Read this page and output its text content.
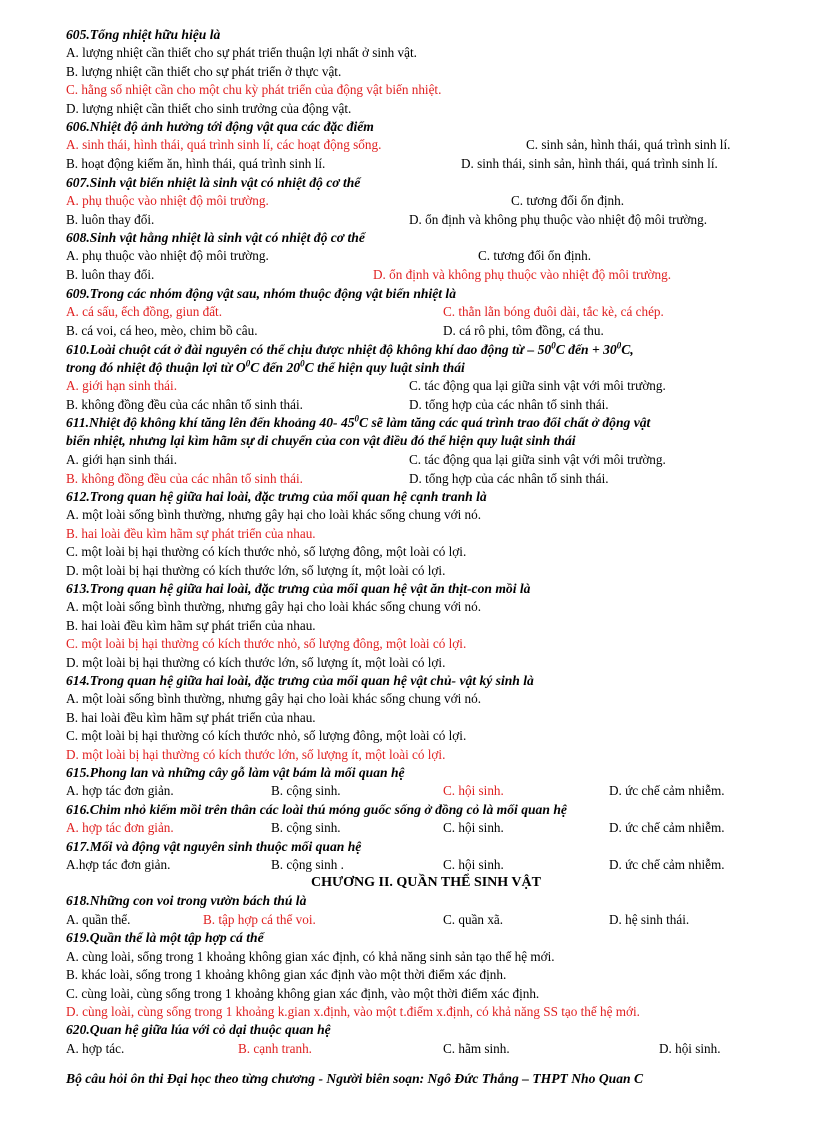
605.Tổng nhiệt hữu hiệu là
A. lượng nhiệt cần thiết cho sự phát triển thuận lợi nhất ở sinh vật.
B. lượng nhiệt cần thiết cho sự phát triển ở thực vật.
C. hằng số nhiệt cần cho một chu kỳ phát triển của động vật biến nhiệt.
D. lượng nhiệt cần thiết cho sinh trưởng của động vật.
606.Nhiệt độ ảnh hưởng tới động vật qua các đặc điểm
A. sinh thái, hình thái, quá trình sinh lí, các hoạt động sống.	C. sinh sản, hình thái, quá trình sinh lí.
B. hoạt động kiếm ăn, hình thái, quá trình sinh lí.	D. sinh thái, sinh sản, hình thái, quá trình sinh lí.
607.Sinh vật biến nhiệt là sinh vật có nhiệt độ cơ thể
A. phụ thuộc vào nhiệt độ môi trường.	C. tương đối ổn định.
B. luôn thay đổi.	D. ổn định và không phụ thuộc vào nhiệt độ môi trường.
608.Sinh vật hằng nhiệt là sinh vật có nhiệt độ cơ thể
A. phụ thuộc vào nhiệt độ môi trường.	C. tương đối ổn định.
B. luôn thay đổi.	D. ổn định và không phụ thuộc vào nhiệt độ môi trường.
609.Trong các nhóm động vật sau, nhóm thuộc động vật biến nhiệt là
A. cá sấu, ếch đồng, giun đất.	C. thằn lằn bóng đuôi dài, tắc kè, cá chép.
B. cá voi, cá heo, mèo, chim bồ câu.	D. cá rô phi, tôm đồng, cá thu.
610.Loài chuột cát ở đài nguyên có thể chịu được nhiệt độ không khí dao động từ – $50^0C$ đến + $30^0C$,
trong đó nhiệt độ thuận lợi từ $O^0C$ đến $20^0C$ thể hiện quy luật sinh thái
A. giới hạn sinh thái.	C. tác động qua lại giữa sinh vật với môi trường.
B. không đồng đều của các nhân tố sinh thái.	D. tổng hợp của các nhân tố sinh thái.
611.Nhiệt độ không khí tăng lên đến khoảng 40- $45^0C$ sẽ làm tăng các quá trình trao đổi chất ở động vật
biến nhiệt, nhưng lại kìm hãm sự di chuyển của con vật điều đó thể hiện quy luật sinh thái
A. giới hạn sinh thái.	C. tác động qua lại giữa sinh vật với môi trường.
B. không đồng đều của các nhân tố sinh thái.	D. tổng hợp của các nhân tố sinh thái.
612.Trong quan hệ giữa hai loài, đặc trưng của mối quan hệ cạnh tranh là
A. một loài sống bình thường, nhưng gây hại cho loài khác sống chung với nó.
B. hai loài đều kìm hãm sự phát triển của nhau.
C. một loài bị hại thường có kích thước nhỏ, số lượng đông, một loài có lợi.
D. một loài bị hại thường có kích thước lớn, số lượng ít, một loài có lợi.
613.Trong quan hệ giữa hai loài, đặc trưng của mối quan hệ vật ăn thịt-con mồi là
A. một loài sống bình thường, nhưng gây hại cho loài khác sống chung với nó.
B. hai loài đều kìm hãm sự phát triển của nhau.
C. một loài bị hại thường có kích thước nhỏ, số lượng đông, một loài có lợi.
D. một loài bị hại thường có kích thước lớn, số lượng ít, một loài có lợi.
614.Trong quan hệ giữa hai loài, đặc trưng của mối quan hệ vật chủ- vật ký sinh là
A. một loài sống bình thường, nhưng gây hại cho loài khác sống chung với nó.
B. hai loài đều kìm hãm sự phát triển của nhau.
C. một loài bị hại thường có kích thước nhỏ, số lượng đông, một loài có lợi.
D. một loài bị hại thường có kích thước lớn, số lượng ít, một loài có lợi.
615.Phong lan và những cây gỗ làm vật bám là mối quan hệ
A. hợp tác đơn giản.	B. cộng sinh.	C. hội sinh.	D. ức chế cảm nhiễm.
616.Chim nhỏ kiếm mồi trên thân các loài thú móng guốc sống ở đồng cỏ là mối quan hệ
A. hợp tác đơn giản.	B. cộng sinh.	C. hội sinh.	D. ức chế cảm nhiễm.
617.Mối và động vật nguyên sinh thuộc mối quan hệ
A.hợp tác đơn giản.	B. cộng sinh .	C. hội sinh.	D. ức chế cảm nhiễm.
CHƯƠNG II. QUẦN THỂ SINH VẬT
618.Những con voi trong vườn bách thú là
A. quần thể.	B. tập hợp cá thể voi.	C. quần xã.	D. hệ sinh thái.
619.Quần thể là một tập hợp cá thể
A. cùng loài, sống trong 1 khoảng không gian xác định, có khả năng sinh sản tạo thế hệ mới.
B. khác loài, sống trong 1 khoảng không gian xác định vào một thời điểm xác định.
C. cùng loài, cùng sống trong 1 khoảng không gian xác định, vào một thời điểm xác định.
D. cùng loài, cùng sống trong 1 khoảng k.gian x.định, vào một t.điểm x.định, có khả năng SS tạo thế hệ mới.
620.Quan hệ giữa lúa với cỏ dại thuộc quan hệ
A. hợp tác.	B. cạnh tranh.	C. hãm sinh.	D. hội sinh.
Bộ câu hỏi ôn thi Đại học theo từng chương - Người biên soạn: Ngô Đức Thắng – THPT Nho Quan C
